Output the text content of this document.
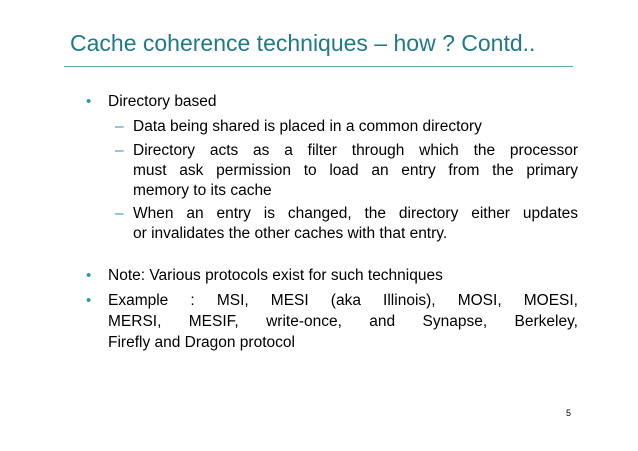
Cache coherence techniques – how ? Contd..
• Directory based
– Data being shared is placed in a common directory
– Directory acts as a filter through which the processor
must ask permission to load an entry from the primary
memory to its cache
– When an entry is changed, the directory either updates
or invalidates the other caches with that entry.
• Note: Various protocols exist for such techniques
• Example : MSI, MESI (aka Illinois), MOSI, MOESI,
MERSI, MESIF, write-once, and Synapse, Berkeley,
Firefly and Dragon protocol
5
